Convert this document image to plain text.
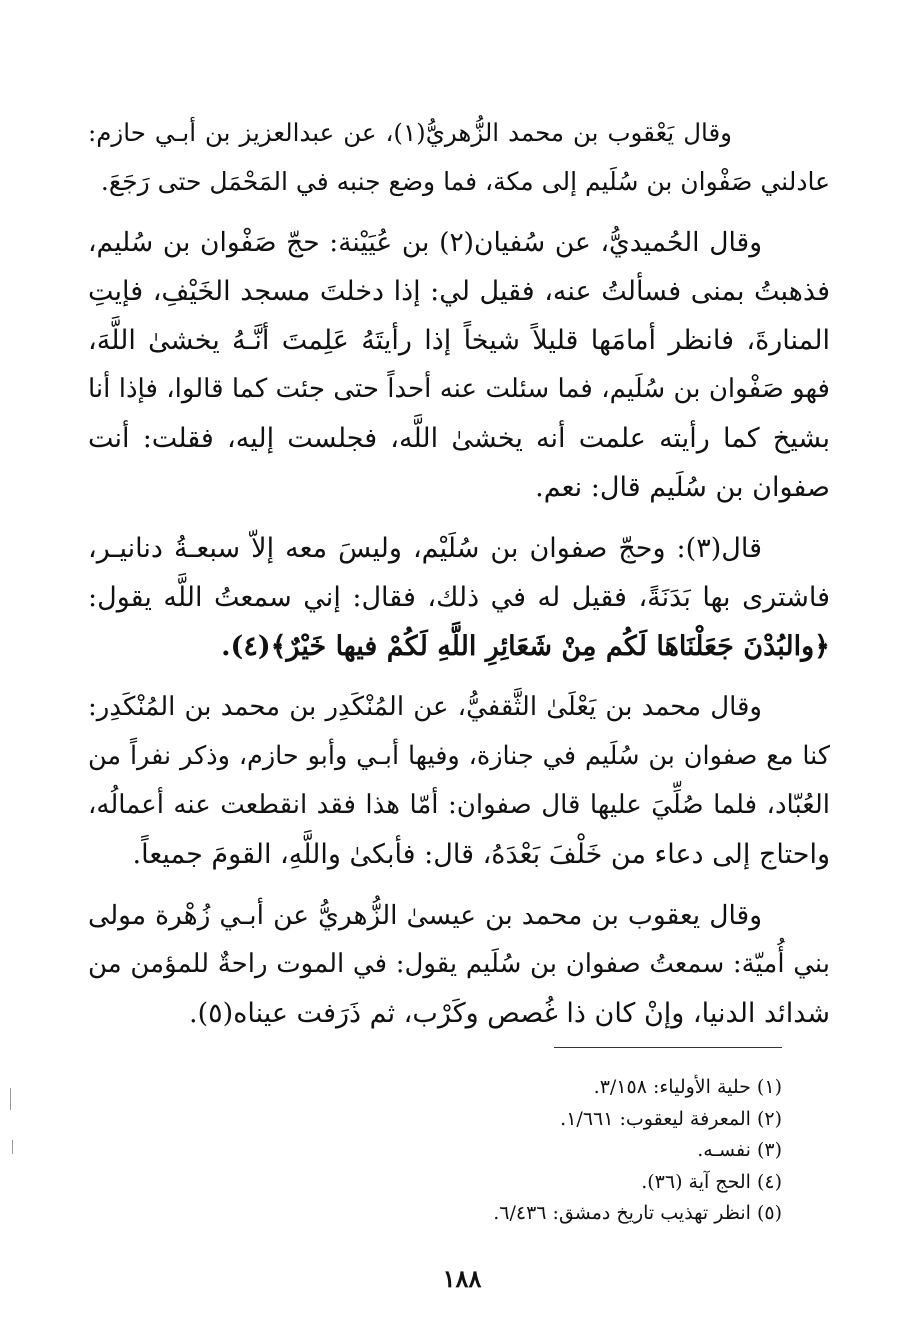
وقال يَعْقوب بن محمد الزُّهريُّ(١)، عن عبدالعزيز بن أبـي حازم:
عادلني صَفْوان بن سُلَيم إلى مكة، فما وضع جنبه في المَحْمَل حتى رَجَعَ.

وقال الحُميديُّ، عن سُفيان(٢) بن عُيَيْنة: حجّ صَفْوان بن سُليم،
فذهبتُ بمنى فسألتُ عنه، فقيل لي: إذا دخلتَ مسجد الخَيْفِ، فإيتِ
المنارةَ، فانظر أمامَها قليلاً شيخاً إذا رأيتَهُ عَلِمتَ أنَّـهُ يخشىٰ اللَّهَ،
فهو صَفْوان بن سُلَيم، فما سئلت عنه أحداً حتى جئت كما قالوا، فإذا أنا
بشيخ كما رأيته علمت أنه يخشىٰ اللَّه، فجلست إليه، فقلت: أنت
صفوان بن سُلَيم قال: نعم.

قال(٣): وحجّ صفوان بن سُلَيْم، وليسَ معه إلاّ سبعـةُ دنانيـر،
فاشترى بها بَدَنَةً، فقيل له في ذلك، فقال: إني سمعتُ اللَّه يقول:
﴿والبُدْنَ جَعَلْنَاهَا لَكُم مِنْ شَعَائِرِ اللَّهِ لَكُمْ فيها خَيْرٌ﴾(٤).

وقال محمد بن يَعْلَىٰ الثَّقفيُّ، عن المُنْكَدِر بن محمد بن المُنْكَدِر:
كنا مع صفوان بن سُلَيم في جنازة، وفيها أبـي وأبو حازم، وذكر نفراً من
العُبّاد، فلما صُلِّيَ عليها قال صفوان: أمّا هذا فقد انقطعت عنه أعمالُه،
واحتاج إلى دعاء من خَلْفَ بَعْدَهُ، قال: فأبكىٰ واللَّهِ، القومَ جميعاً.

وقال يعقوب بن محمد بن عيسىٰ الزُّهريُّ عن أبـي زُهْرة مولى
بني أُميّة: سمعتُ صفوان بن سُلَيم يقول: في الموت راحةٌ للمؤمن من
شدائد الدنيا، وإنْ كان ذا غُصص وكَرْب، ثم ذَرَفت عيناه(٥).

(١) حلية الأولياء: ٣/١٥٨.
(٢) المعرفة ليعقوب: ١/٦٦١.
(٣) نفسـه.
(٤) الحج آية (٣٦).
(٥) انظر تهذيب تاريخ دمشق: ٦/٤٣٦.
١٨٨
